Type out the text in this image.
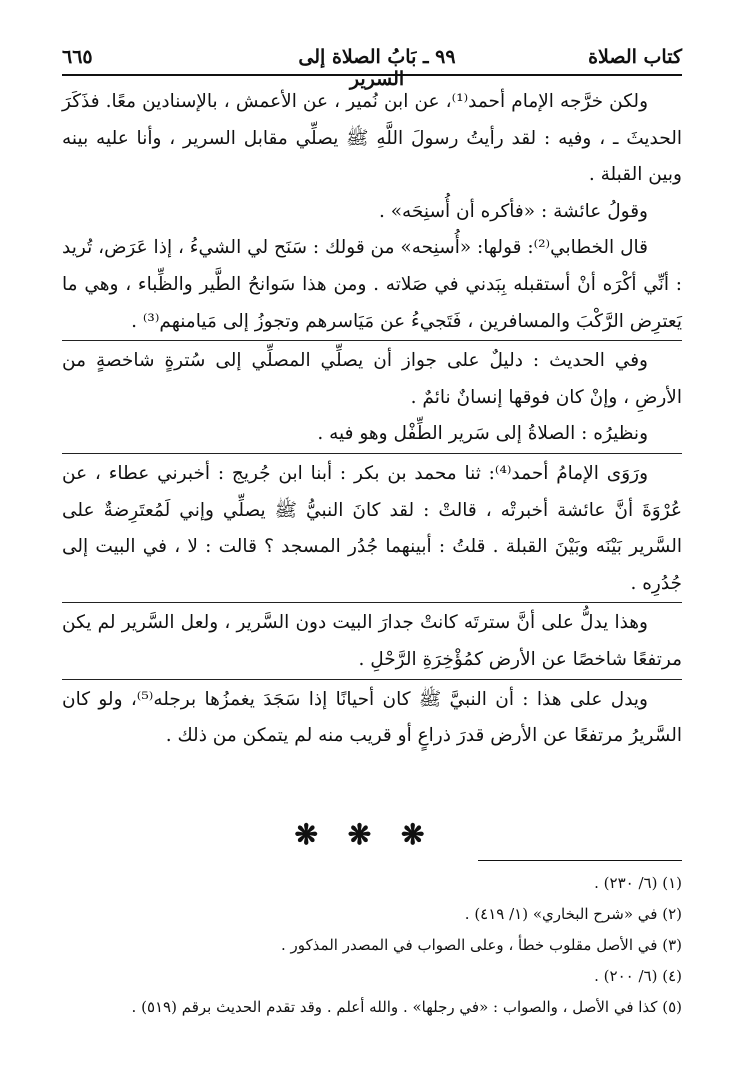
كتاب الصلاة
٩٩ ـ بَابُ الصلاة إلى السرير
٦٦٥

ولكن خرَّجه الإمام أحمد⁽¹⁾، عن ابن نُمير ، عن الأعمش ، بالإسنادين معًا. فذَكَرَ الحديثَ ـ ، وفيه : لقد رأيتُ رسولَ اللَّهِ ﷺ يصلِّي مقابل السرير ، وأنا عليه بينه وبين القبلة .

وقولُ عائشة : «فأكره أن أُسنِحَه» .

قال الخطابي⁽²⁾: قولها: «أُسنِحه» من قولك : سَنَح لي الشيءُ ، إذا عَرَض، تُريد : أنِّي أكْرَه أنْ أستقبله بِبَدني في صَلاته . ومن هذا سَوانحُ الطَّير والظِّباء ، وهي ما يَعترِض الرَّكْبَ والمسافرين ، فَتَجيءُ عن مَيَاسرهم وتجوزُ إلى مَيامنهم⁽³⁾ .

وفي الحديث : دليلٌ على جواز أن يصلِّي المصلِّي إلى سُترةٍ شاخصةٍ من الأرضِ ، وإنْ كان فوقها إنسانٌ نائمٌ .

ونظيرُه : الصلاةُ إلى سَرير الطِّفْل وهو فيه .

ورَوَى الإمامُ أحمد⁽⁴⁾: ثنا محمد بن بكر : أبنا ابن جُريج : أخبرني عطاء ، عن عُرْوَةَ أنَّ عائشة أخبرتْه ، قالتْ : لقد كانَ النبيُّ ﷺ يصلِّي وإني لَمُعتَرِضةٌ على السَّرير بَيْنَه وبَيْنَ القبلة . قلتُ : أبينهما جُدُر المسجد ؟ قالت : لا ، في البيت إلى جُدُرِه .

وهذا يدلُّ على أنَّ سترتَه كانتْ جدارَ البيت دون السَّرير ، ولعل السَّرير لم يكن مرتفعًا شاخصًا عن الأرض كمُؤْخِرَةِ الرَّحْلِ .

ويدل على هذا : أن النبيَّ ﷺ كان أحيانًا إذا سَجَدَ يغمزُها برجله⁽⁵⁾، ولو كان السَّريرُ مرتفعًا عن الأرض قدرَ ذراعٍ أو قريب منه لم يتمكن من ذلك .

❋ ❋ ❋
(١) (٦/ ٢٣٠) .
(٢) في «شرح البخاري» (١/ ٤١٩) .
(٣) في الأصل مقلوب خطأ ، وعلى الصواب في المصدر المذكور .
(٤) (٦/ ٢٠٠) .
(٥) كذا في الأصل ، والصواب : «في رجلها» . والله أعلم . وقد تقدم الحديث برقم (٥١٩) .
